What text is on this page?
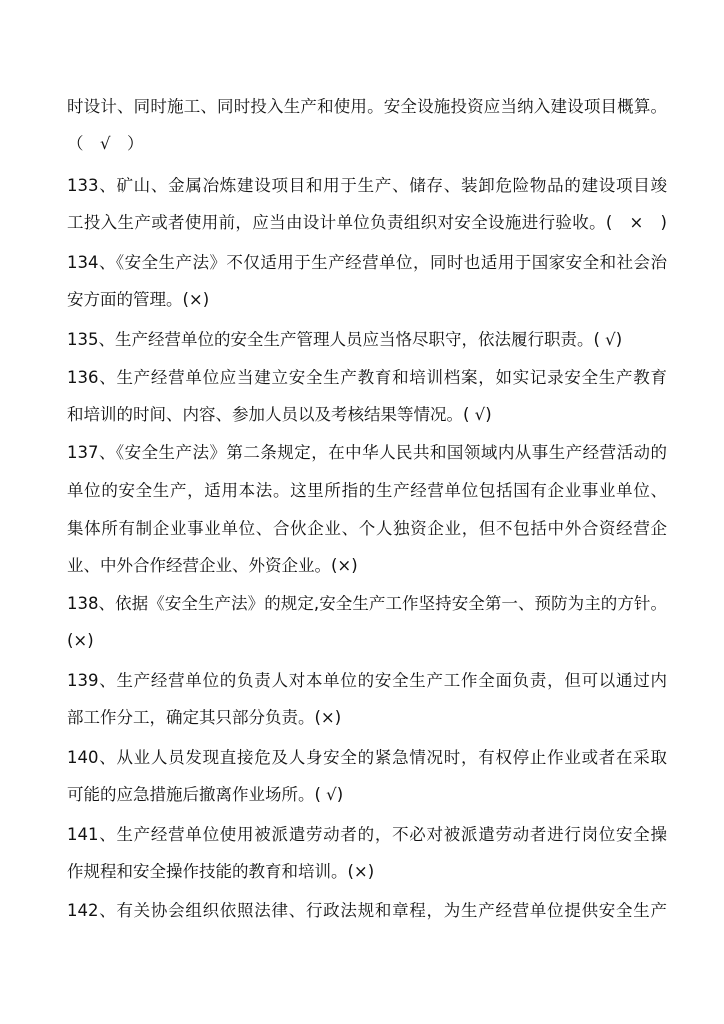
时设计、同时施工、同时投入生产和使用。安全设施投资应当纳入建设项目概算。
（　√　）
133、矿山、金属冶炼建设项目和用于生产、储存、装卸危险物品的建设项目竣
工投入生产或者使用前，应当由设计单位负责组织对安全设施进行验收。(　×　)
134、《安全生产法》不仅适用于生产经营单位，同时也适用于国家安全和社会治
安方面的管理。(×)
135、生产经营单位的安全生产管理人员应当恪尽职守，依法履行职责。( √)
136、生产经营单位应当建立安全生产教育和培训档案，如实记录安全生产教育
和培训的时间、内容、参加人员以及考核结果等情况。( √)
137、《安全生产法》第二条规定，在中华人民共和国领域内从事生产经营活动的
单位的安全生产，适用本法。这里所指的生产经营单位包括国有企业事业单位、
集体所有制企业事业单位、合伙企业、个人独资企业，但不包括中外合资经营企
业、中外合作经营企业、外资企业。(×)
138、依据《安全生产法》的规定,安全生产工作坚持安全第一、预防为主的方针。
(×)
139、生产经营单位的负责人对本单位的安全生产工作全面负责，但可以通过内
部工作分工，确定其只部分负责。(×)
140、从业人员发现直接危及人身安全的紧急情况时，有权停止作业或者在采取
可能的应急措施后撤离作业场所。( √)
141、生产经营单位使用被派遣劳动者的，不必对被派遣劳动者进行岗位安全操
作规程和安全操作技能的教育和培训。(×)
142、有关协会组织依照法律、行政法规和章程，为生产经营单位提供安全生产
